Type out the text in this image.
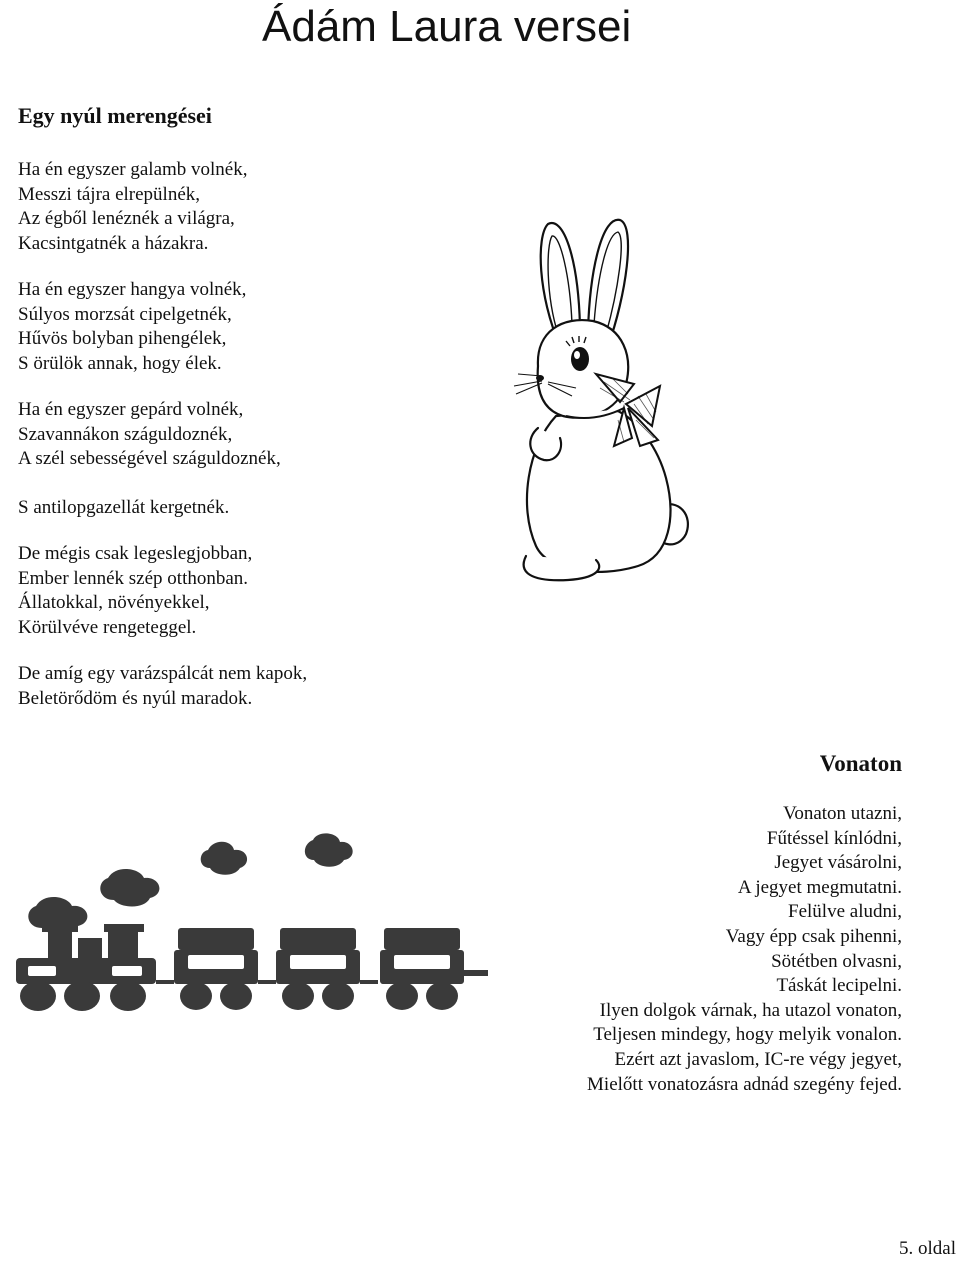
Ádám Laura versei
Egy nyúl merengései
Ha én egyszer galamb volnék,
Messzi tájra elrepülnék,
Az égből lenéznék a világra,
Kacsintgatnék a házakra.
Ha én egyszer hangya volnék,
Súlyos morzsát cipelgetnék,
Hűvös bolyban pihengélek,
S örülök annak, hogy élek.
Ha én egyszer gepárd volnék,
Szavannákon száguldoznék,
A szél sebességével száguldoznék,
S antilopgazellát kergetnék.
De mégis csak legeslegjobban,
Ember lennék szép otthonban.
Állatokkal, növényekkel,
Körülvéve rengeteggel.
De amíg egy varázspálcát nem kapok,
Beletörődöm és nyúl maradok.
Vonaton
Vonaton utazni,
Fűtéssel kínlódni,
Jegyet vásárolni,
A jegyet megmutatni.
Felülve aludni,
Vagy épp csak pihenni,
Sötétben olvasni,
Táskát lecipelni.
Ilyen dolgok várnak, ha utazol vonaton,
Teljesen mindegy, hogy melyik vonalon.
Ezért azt javaslom, IC-re végy jegyet,
Mielőtt vonatozásra adnád szegény fejed.
5. oldal
